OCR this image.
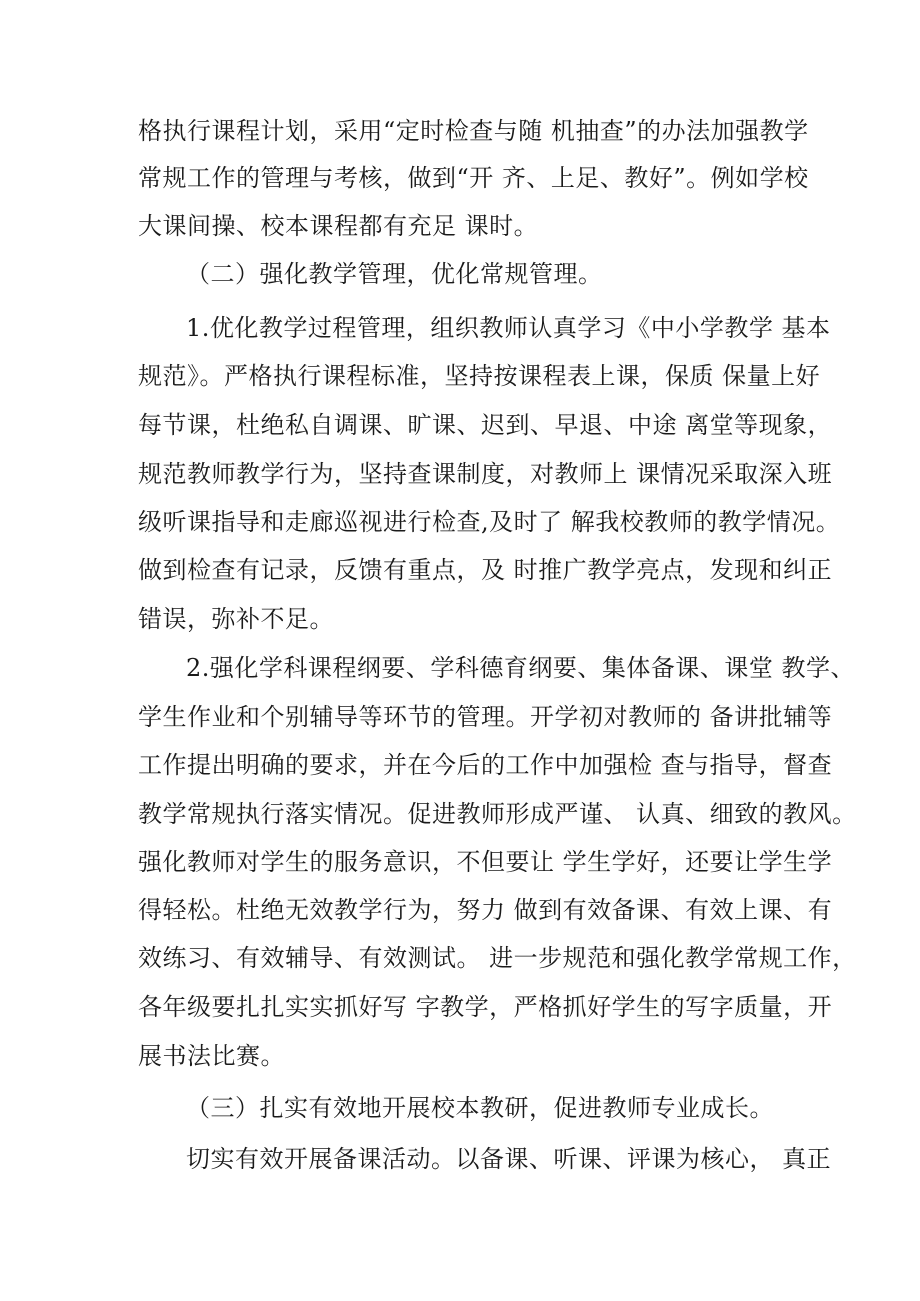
格执行课程计划，采用“定时检查与随 机抽查”的办法加强教学
常规工作的管理与考核，做到“开 齐、上足、教好”。例如学校
大课间操、校本课程都有充足 课时。
（二）强化教学管理，优化常规管理。
1.优化教学过程管理，组织教师认真学习《中小学教学 基本
规范》。严格执行课程标准，坚持按课程表上课，保质 保量上好
每节课，杜绝私自调课、旷课、迟到、早退、中途 离堂等现象，
规范教师教学行为，坚持查课制度，对教师上 课情况采取深入班
级听课指导和走廊巡视进行检查,及时了 解我校教师的教学情况。
做到检查有记录，反馈有重点，及 时推广教学亮点，发现和纠正
错误，弥补不足。
2.强化学科课程纲要、学科德育纲要、集体备课、课堂 教学、
学生作业和个别辅导等环节的管理。开学初对教师的 备讲批辅等
工作提出明确的要求，并在今后的工作中加强检 查与指导，督查
教学常规执行落实情况。促进教师形成严谨、 认真、细致的教风。
强化教师对学生的服务意识，不但要让 学生学好，还要让学生学
得轻松。杜绝无效教学行为，努力 做到有效备课、有效上课、有
效练习、有效辅导、有效测试。 进一步规范和强化教学常规工作，
各年级要扎扎实实抓好写 字教学，严格抓好学生的写字质量，开
展书法比赛。
（三）扎实有效地开展校本教研，促进教师专业成长。
切实有效开展备课活动。以备课、听课、评课为核心， 真正
